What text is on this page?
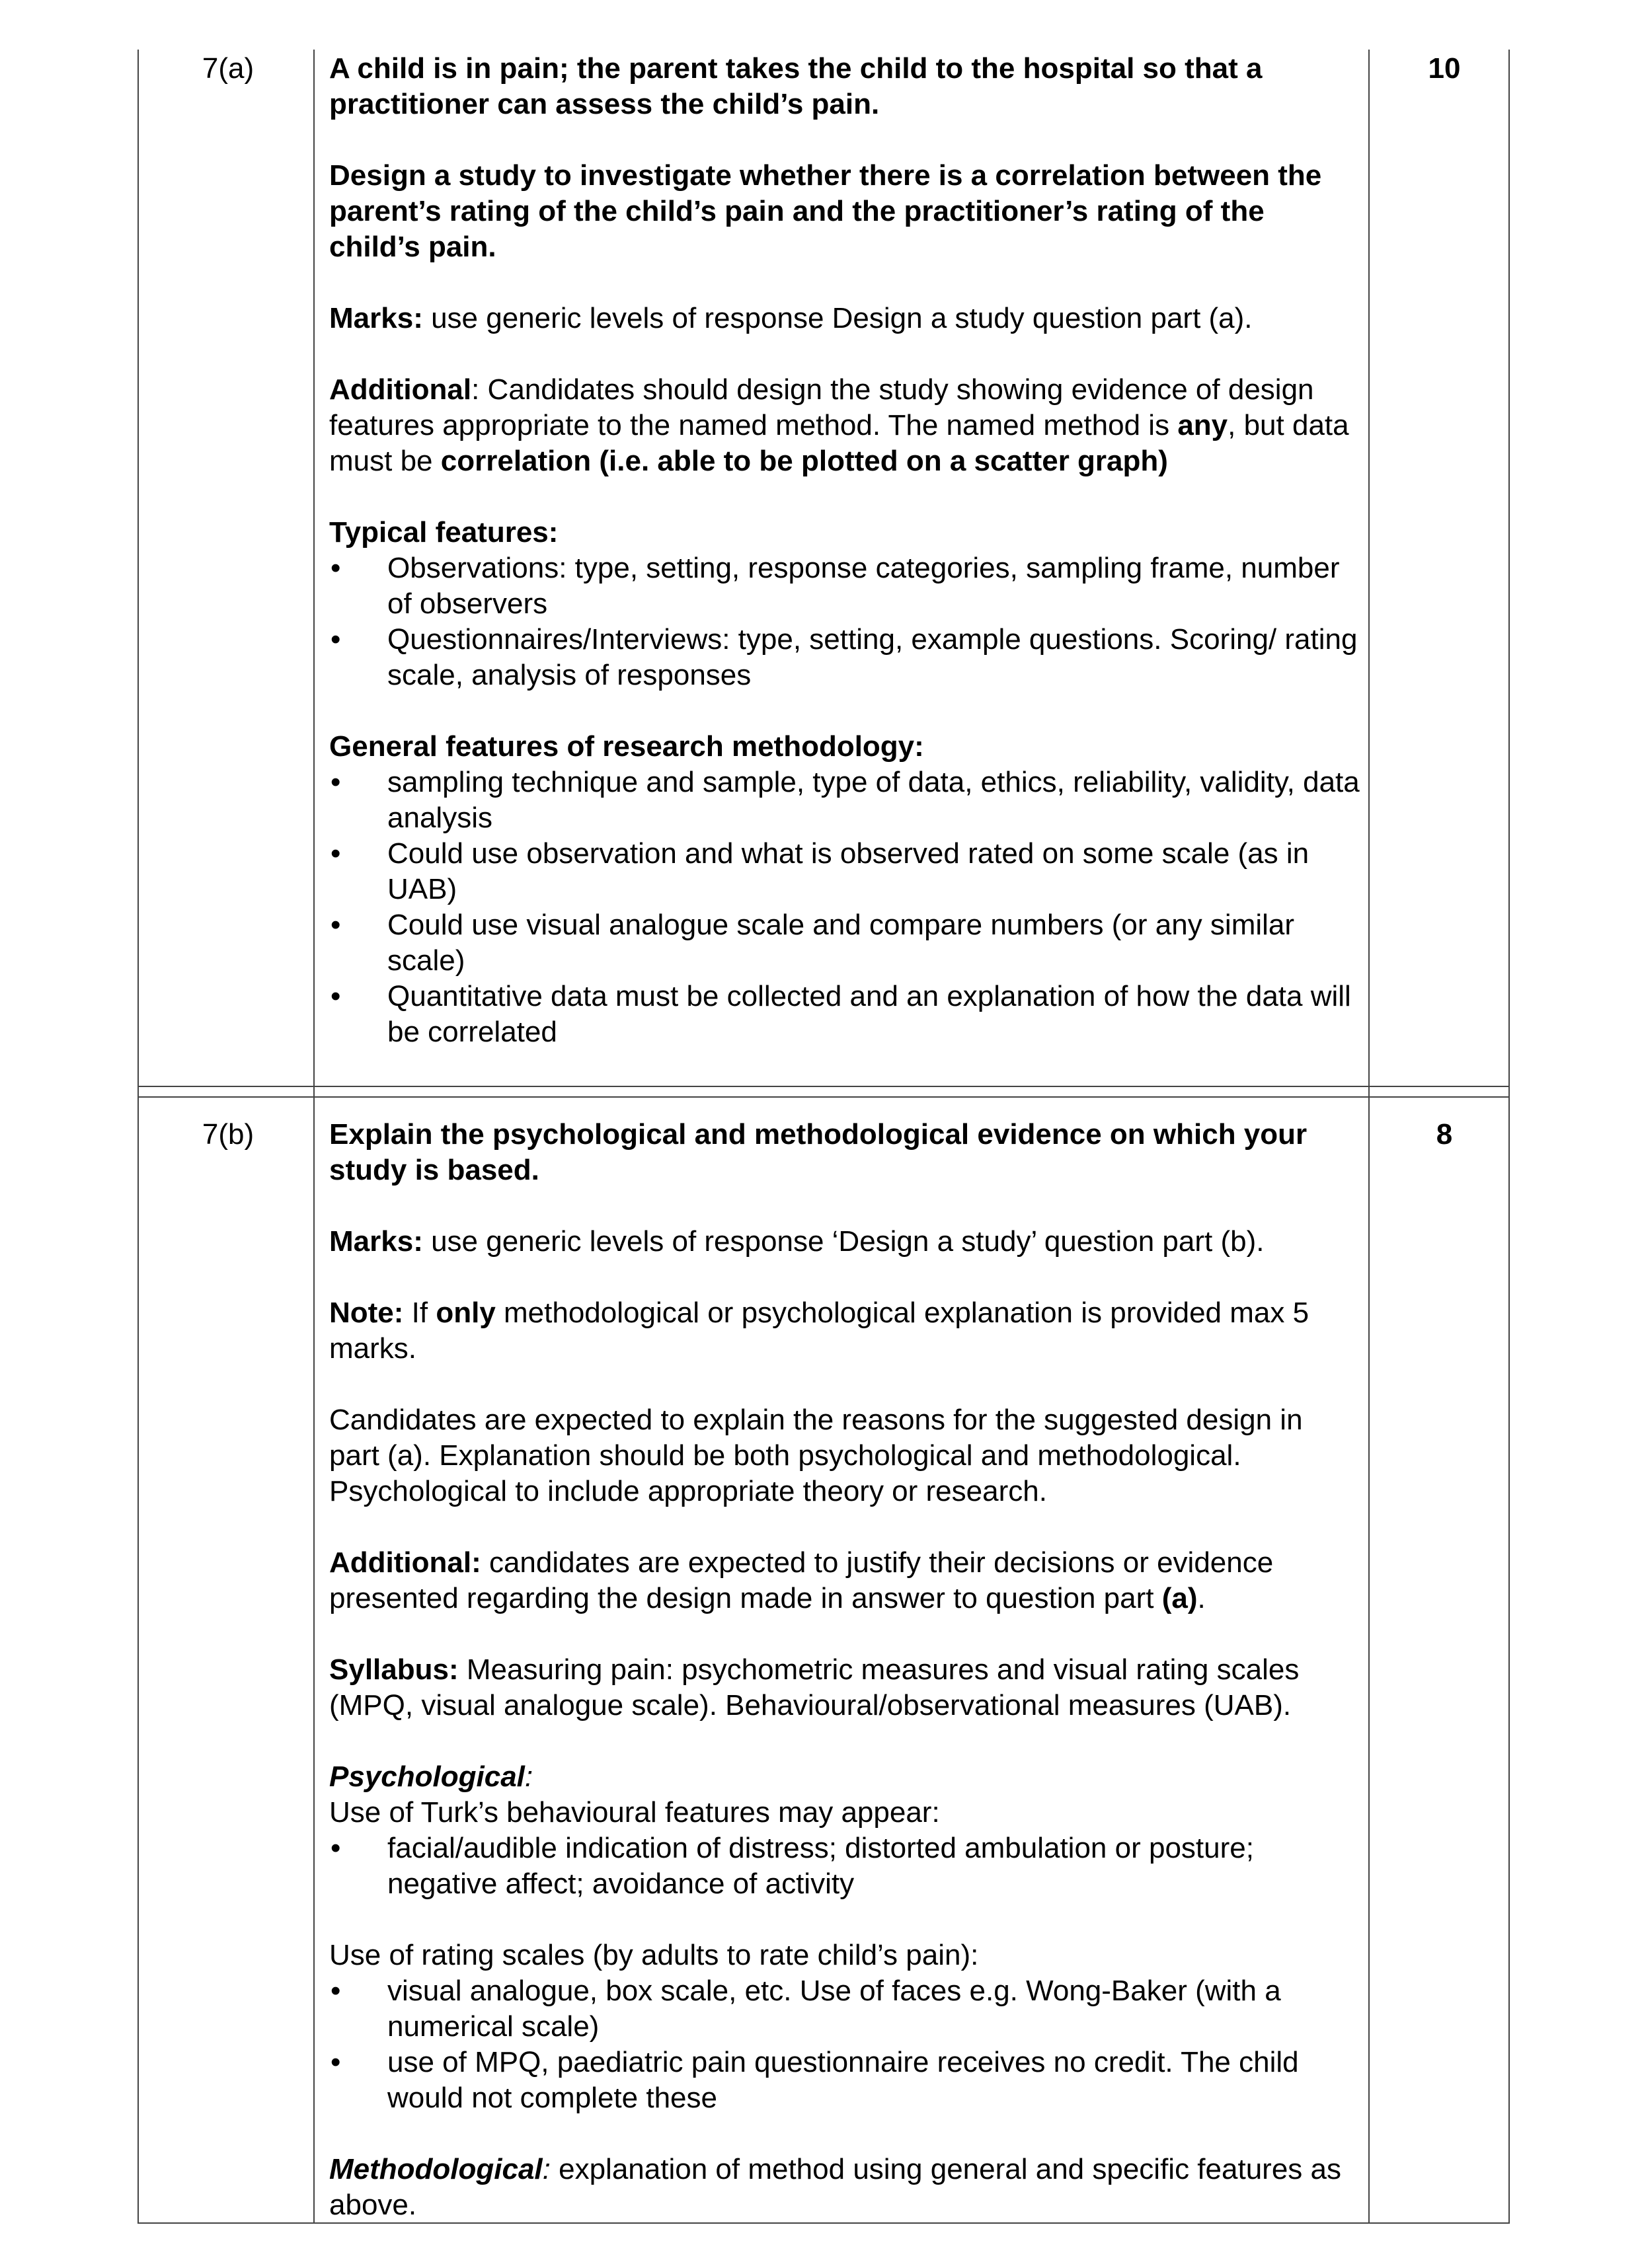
7(a)	10

A child is in pain; the parent takes the child to the hospital so that a practitioner can assess the child’s pain.

Design a study to investigate whether there is a correlation between the parent’s rating of the child’s pain and the practitioner’s rating of the child’s pain.

Marks: use generic levels of response Design a study question part (a).

Additional: Candidates should design the study showing evidence of design features appropriate to the named method. The named method is any, but data must be correlation (i.e. able to be plotted on a scatter graph)

Typical features:

• Observations: type, setting, response categories, sampling frame, number of observers
• Questionnaires/Interviews: type, setting, example questions. Scoring/ rating scale, analysis of responses

General features of research methodology:

• sampling technique and sample, type of data, ethics, reliability, validity, data analysis
• Could use observation and what is observed rated on some scale (as in UAB)
• Could use visual analogue scale and compare numbers (or any similar scale)
• Quantitative data must be collected and an explanation of how the data will be correlated
7(b)	8

Explain the psychological and methodological evidence on which your study is based.

Marks: use generic levels of response ‘Design a study’ question part (b).

Note: If only methodological or psychological explanation is provided max 5 marks.

Candidates are expected to explain the reasons for the suggested design in part (a). Explanation should be both psychological and methodological. Psychological to include appropriate theory or research.

Additional: candidates are expected to justify their decisions or evidence presented regarding the design made in answer to question part (a).

Syllabus: Measuring pain: psychometric measures and visual rating scales (MPQ, visual analogue scale). Behavioural/observational measures (UAB).

Psychological:

Use of Turk’s behavioural features may appear:

• facial/audible indication of distress; distorted ambulation or posture; negative affect; avoidance of activity

Use of rating scales (by adults to rate child’s pain):

• visual analogue, box scale, etc. Use of faces e.g. Wong-Baker (with a numerical scale)
• use of MPQ, paediatric pain questionnaire receives no credit. The child would not complete these

Methodological: explanation of method using general and specific features as above.
